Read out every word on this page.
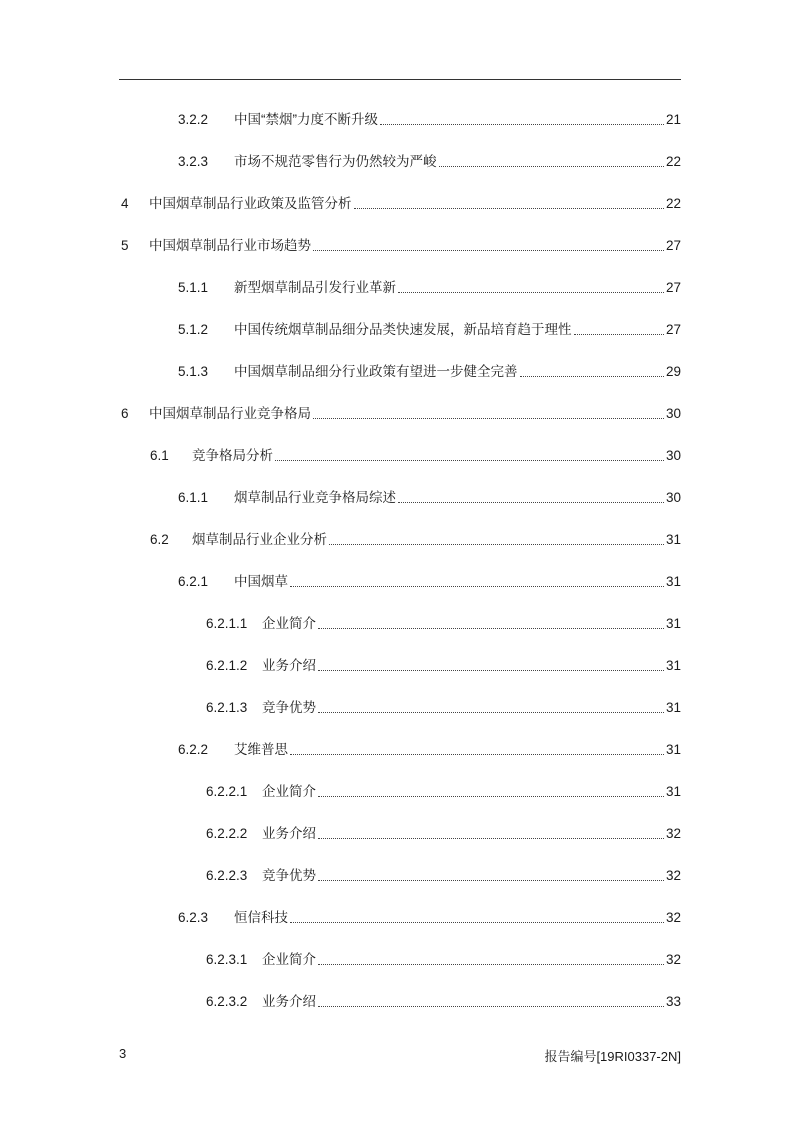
3.2.2	中国“禁烟”力度不断升级	21
3.2.3	市场不规范零售行为仍然较为严峻	22
4	中国烟草制品行业政策及监管分析	22
5	中国烟草制品行业市场趋势	27
5.1.1	新型烟草制品引发行业革新	27
5.1.2	中国传统烟草制品细分品类快速发展，新品培育趋于理性	27
5.1.3	中国烟草制品细分行业政策有望进一步健全完善	29
6	中国烟草制品行业竞争格局	30
6.1	竞争格局分析	30
6.1.1	烟草制品行业竞争格局综述	30
6.2	烟草制品行业企业分析	31
6.2.1	中国烟草	31
6.2.1.1	企业简介	31
6.2.1.2	业务介绍	31
6.2.1.3	竞争优势	31
6.2.2	艾维普思	31
6.2.2.1	企业简介	31
6.2.2.2	业务介绍	32
6.2.2.3	竞争优势	32
6.2.3	恒信科技	32
6.2.3.1	企业简介	32
6.2.3.2	业务介绍	33
3	报告编号[19RI0337-2N]
